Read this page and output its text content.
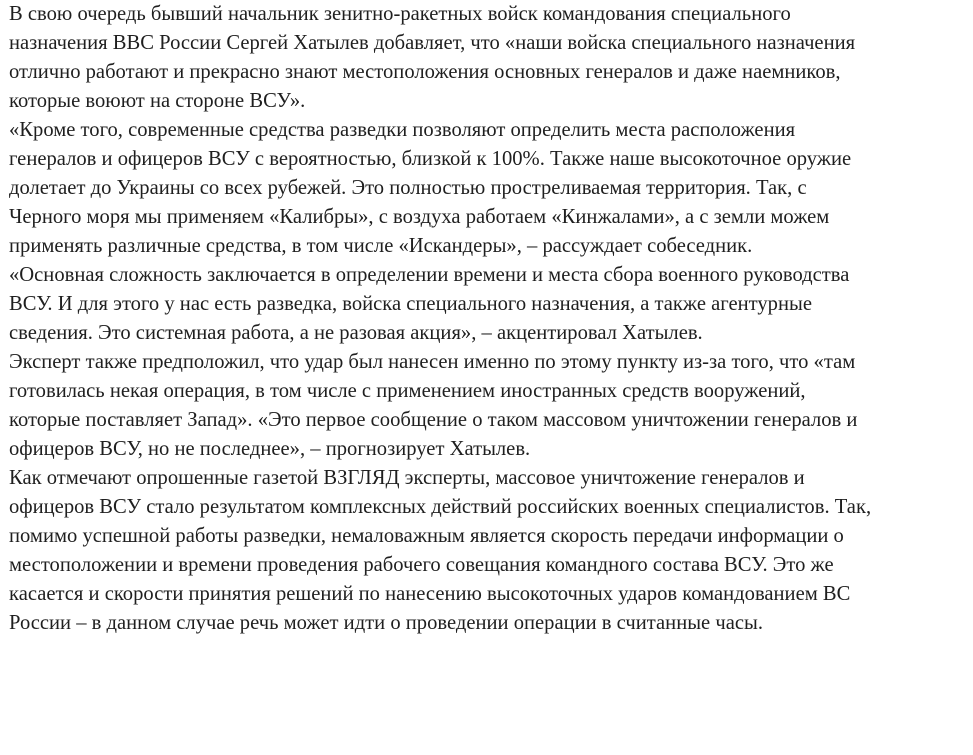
В свою очередь бывший начальник зенитно-ракетных войск командования специального
назначения ВВС России Сергей Хатылев добавляет, что «наши войска специального назначения
отлично работают и прекрасно знают местоположения основных генералов и даже наемников,
которые воюют на стороне ВСУ».

«Кроме того, современные средства разведки позволяют определить места расположения
генералов и офицеров ВСУ с вероятностью, близкой к 100%. Также наше высокоточное оружие
долетает до Украины со всех рубежей. Это полностью простреливаемая территория. Так, с
Черного моря мы применяем «Калибры», с воздуха работаем «Кинжалами», а с земли можем
применять различные средства, в том числе «Искандеры», – рассуждает собеседник.

«Основная сложность заключается в определении времени и места сбора военного руководства
ВСУ. И для этого у нас есть разведка, войска специального назначения, а также агентурные
сведения. Это системная работа, а не разовая акция», – акцентировал Хатылев.

Эксперт также предположил, что удар был нанесен именно по этому пункту из-за того, что «там
готовилась некая операция, в том числе с применением иностранных средств вооружений,
которые поставляет Запад». «Это первое сообщение о таком массовом уничтожении генералов и
офицеров ВСУ, но не последнее», – прогнозирует Хатылев.

Как отмечают опрошенные газетой ВЗГЛЯД эксперты, массовое уничтожение генералов и
офицеров ВСУ стало результатом комплексных действий российских военных специалистов. Так,
помимо успешной работы разведки, немаловажным является скорость передачи информации о
местоположении и времени проведения рабочего совещания командного состава ВСУ. Это же
касается и скорости принятия решений по нанесению высокоточных ударов командованием ВС
России – в данном случае речь может идти о проведении операции в считанные часы.
